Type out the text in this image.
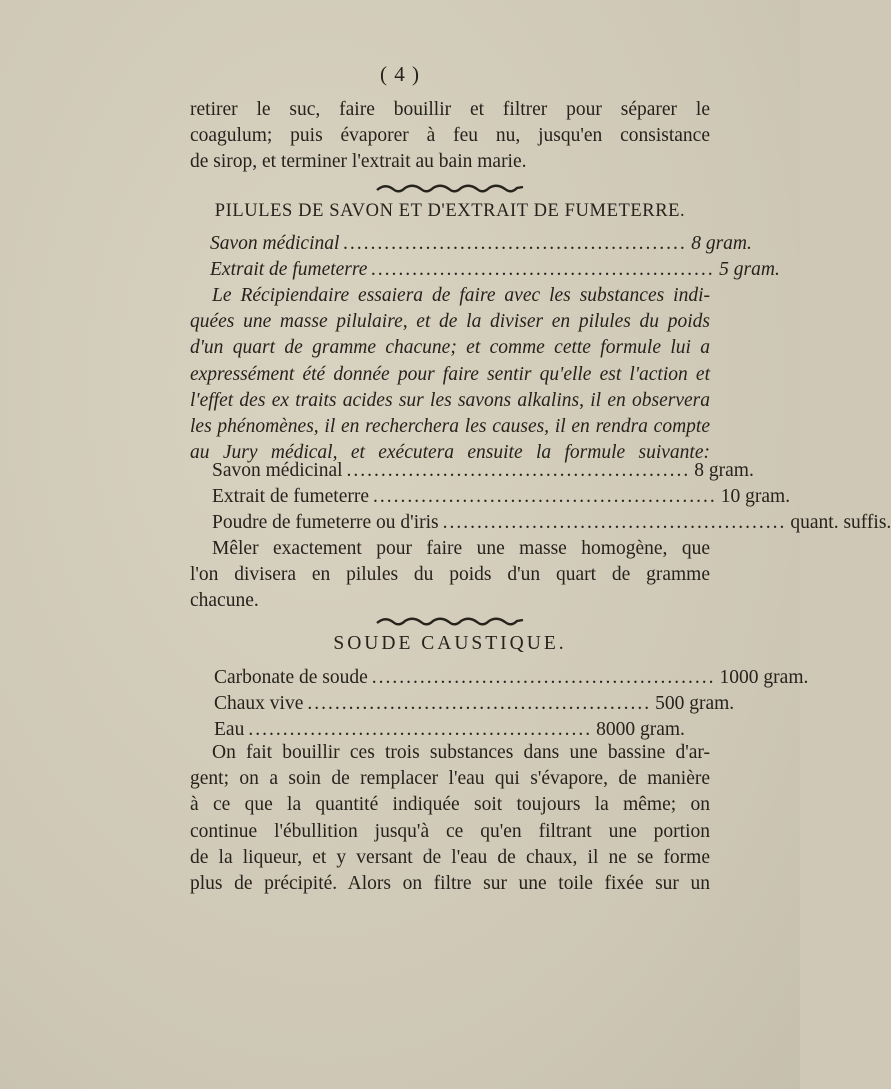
( 4 )
retirer le suc, faire bouillir et filtrer pour séparer le
coagulum; puis évaporer à feu nu, jusqu'en consistance
de sirop, et terminer l'extrait au bain marie.
PILULES DE SAVON ET D'EXTRAIT DE FUMETERRE.
Savon médicinal .................................................. 8 gram.
Extrait de fumeterre .................................................. 5 gram.
Le Récipiendaire essaiera de faire avec les substances indi-
quées une masse pilulaire, et de la diviser en pilules du poids
d'un quart de gramme chacune; et comme cette formule lui a
expressément été donnée pour faire sentir qu'elle est l'action et
l'effet des ex traits acides sur les savons alkalins, il en observera
les phénomènes, il en recherchera les causes, il en rendra compte
au Jury médical, et exécutera ensuite la formule suivante:
Savon médicinal .................................................. 8 gram.
Extrait de fumeterre .................................................. 10 gram.
Poudre de fumeterre ou d'iris .................................................. quant. suffis.
Mêler exactement pour faire une masse homogène, que
l'on divisera en pilules du poids d'un quart de gramme
chacune.
SOUDE CAUSTIQUE.
Carbonate de soude .................................................. 1000 gram.
Chaux vive .................................................. 500 gram.
Eau .................................................. 8000 gram.
On fait bouillir ces trois substances dans une bassine d'ar-
gent; on a soin de remplacer l'eau qui s'évapore, de manière
à ce que la quantité indiquée soit toujours la même; on
continue l'ébullition jusqu'à ce qu'en filtrant une portion
de la liqueur, et y versant de l'eau de chaux, il ne se forme
plus de précipité. Alors on filtre sur une toile fixée sur un
